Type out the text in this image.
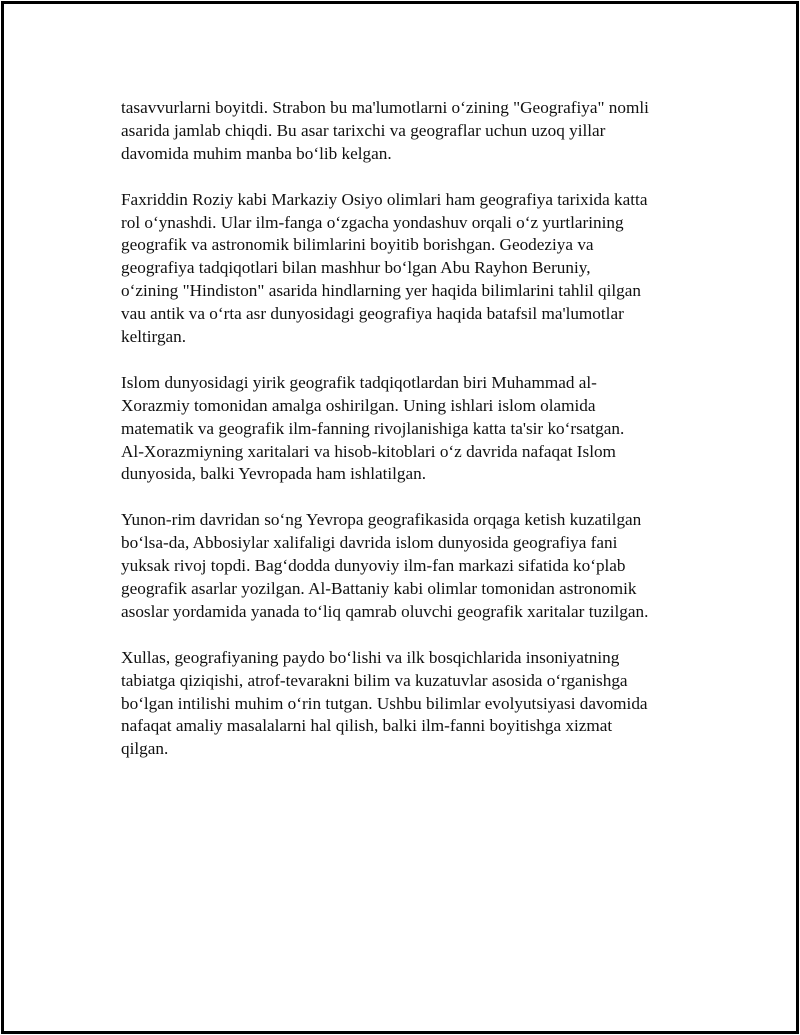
tasavvurlarni boyitdi. Strabon bu ma'lumotlarni o‘zining "Geografiya" nomli
asarida jamlab chiqdi. Bu asar tarixchi va geograflar uchun uzoq yillar
davomida muhim manba bo‘lib kelgan.

Faxriddin Roziy kabi Markaziy Osiyo olimlari ham geografiya tarixida katta
rol o‘ynashdi. Ular ilm-fanga o‘zgacha yondashuv orqali o‘z yurtlarining
geografik va astronomik bilimlarini boyitib borishgan. Geodeziya va
geografiya tadqiqotlari bilan mashhur bo‘lgan Abu Rayhon Beruniy,
o‘zining "Hindiston" asarida hindlarning yer haqida bilimlarini tahlil qilgan
vau antik va o‘rta asr dunyosidagi geografiya haqida batafsil ma'lumotlar
keltirgan.

Islom dunyosidagi yirik geografik tadqiqotlardan biri Muhammad al-
Xorazmiy tomonidan amalga oshirilgan. Uning ishlari islom olamida
matematik va geografik ilm-fanning rivojlanishiga katta ta'sir ko‘rsatgan.
Al-Xorazmiyning xaritalari va hisob-kitoblari o‘z davrida nafaqat Islom
dunyosida, balki Yevropada ham ishlatilgan.

Yunon-rim davridan so‘ng Yevropa geografikasida orqaga ketish kuzatilgan
bo‘lsa-da, Abbosiylar xalifaligi davrida islom dunyosida geografiya fani
yuksak rivoj topdi. Bag‘dodda dunyoviy ilm-fan markazi sifatida ko‘plab
geografik asarlar yozilgan. Al-Battaniy kabi olimlar tomonidan astronomik
asoslar yordamida yanada to‘liq qamrab oluvchi geografik xaritalar tuzilgan.

Xullas, geografiyaning paydo bo‘lishi va ilk bosqichlarida insoniyatning
tabiatga qiziqishi, atrof-tevarakni bilim va kuzatuvlar asosida o‘rganishga
bo‘lgan intilishi muhim o‘rin tutgan. Ushbu bilimlar evolyutsiyasi davomida
nafaqat amaliy masalalarni hal qilish, balki ilm-fanni boyitishga xizmat
qilgan.
